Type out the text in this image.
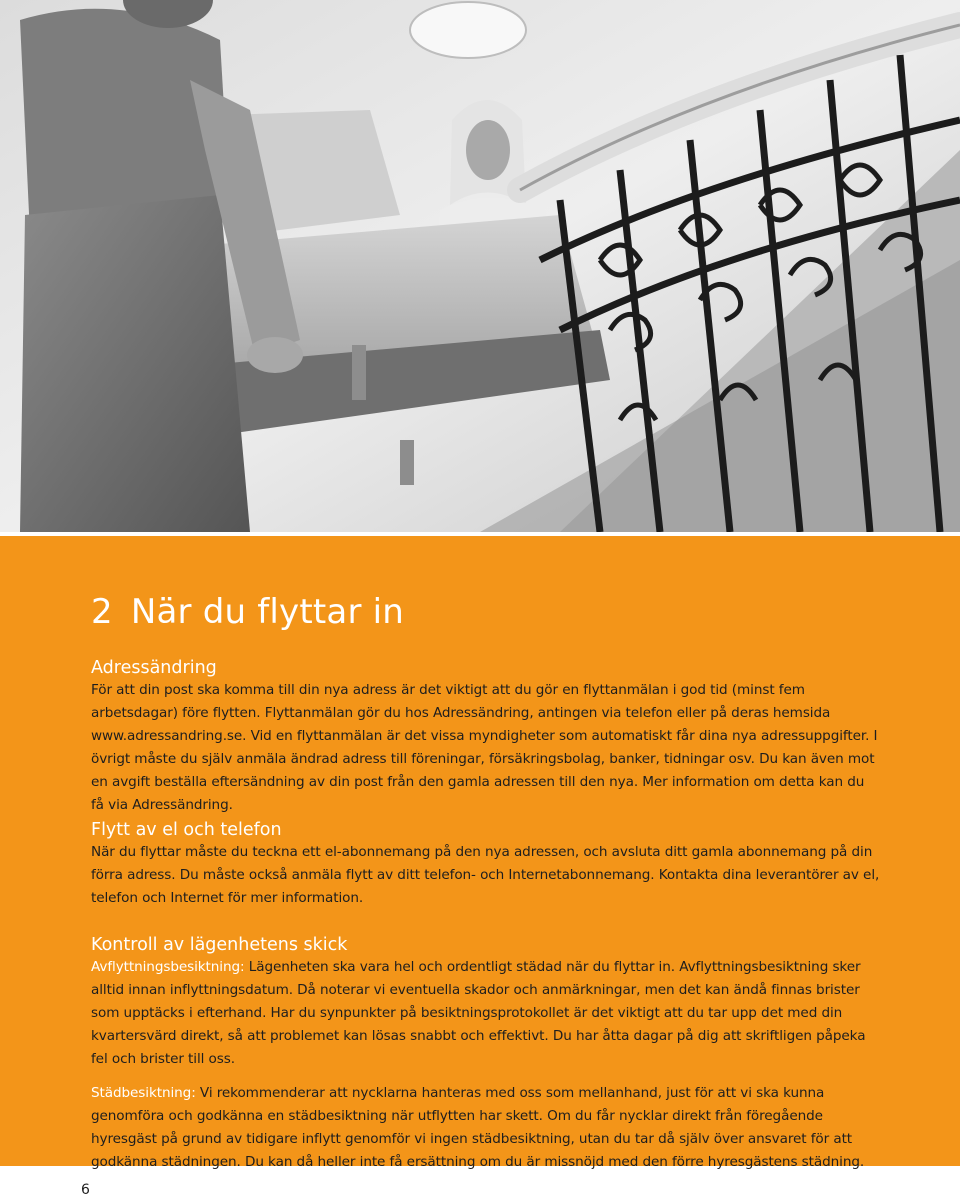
2 När du flyttar in
Adressändring

För att din post ska komma till din nya adress är det viktigt att du gör en flyttanmälan i god tid (minst fem arbetsdagar) före flytten. Flyttanmälan gör du hos Adressändring, antingen via telefon eller på deras hemsida www.adressandring.se. Vid en flyttanmälan är det vissa myndigheter som automatiskt får dina nya adressuppgifter. I övrigt måste du själv anmäla ändrad adress till föreningar, försäkringsbolag, banker, tidningar osv. Du kan även mot en avgift beställa eftersändning av din post från den gamla adressen till den nya. Mer information om detta kan du få via Adressändring.

Flytt av el och telefon

När du flyttar måste du teckna ett el-abonnemang på den nya adressen, och avsluta ditt gamla abonnemang på din förra adress. Du måste också anmäla flytt av ditt telefon- och Internetabonnemang. Kontakta dina leverantörer av el, telefon och Internet för mer information.

Kontroll av lägenhetens skick

Avflyttningsbesiktning: Lägenheten ska vara hel och ordentligt städad när du flyttar in. Avflyttningsbesiktning sker alltid innan inflyttningsdatum. Då noterar vi eventuella skador och anmärkningar, men det kan ändå finnas brister som upptäcks i efterhand. Har du synpunkter på besiktningsprotokollet är det viktigt att du tar upp det med din kvartersvärd direkt, så att problemet kan lösas snabbt och effektivt. Du har åtta dagar på dig att skriftligen påpeka fel och brister till oss.

Städbesiktning: Vi rekommenderar att nycklarna hanteras med oss som mellanhand, just för att vi ska kunna genomföra och godkänna en städbesiktning när utflytten har skett. Om du får nycklar direkt från föregående hyresgäst på grund av tidigare inflytt genomför vi ingen städbesiktning, utan du tar då själv över ansvaret för att godkänna städningen. Du kan då heller inte få ersättning om du är missnöjd med den förre hyresgästens städning.

6
